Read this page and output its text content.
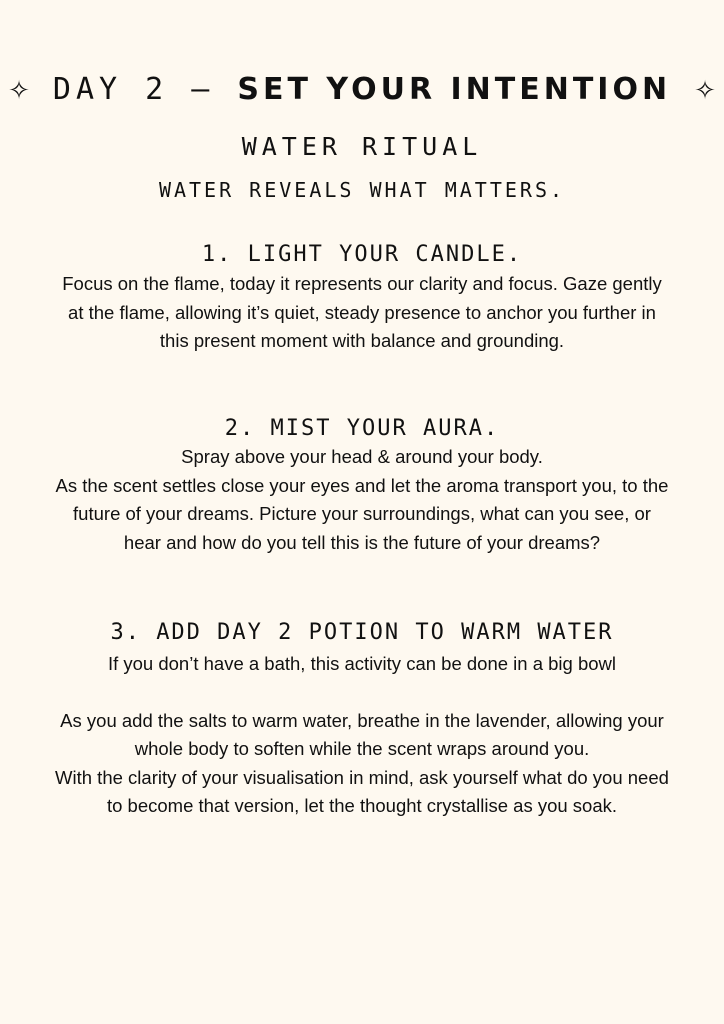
✧ DAY 2 – SET YOUR INTENTION ✧
WATER RITUAL
WATER REVEALS WHAT MATTERS.
1. LIGHT YOUR CANDLE.

Focus on the flame, today it represents our clarity and focus. Gaze gently at the flame, allowing it’s quiet, steady presence to anchor you further in this present moment with balance and grounding.

2. MIST YOUR AURA.

Spray above your head & around your body.

As the scent settles close your eyes and let the aroma transport you, to the future of your dreams. Picture your surroundings, what can you see, or hear and how do you tell this is the future of your dreams?

3. ADD DAY 2 POTION TO WARM WATER

If you don’t have a bath, this activity can be done in a big bowl

As you add the salts to warm water, breathe in the lavender, allowing your whole body to soften while the scent wraps around you.

With the clarity of your visualisation in mind, ask yourself what do you need to become that version, let the thought crystallise as you soak.
